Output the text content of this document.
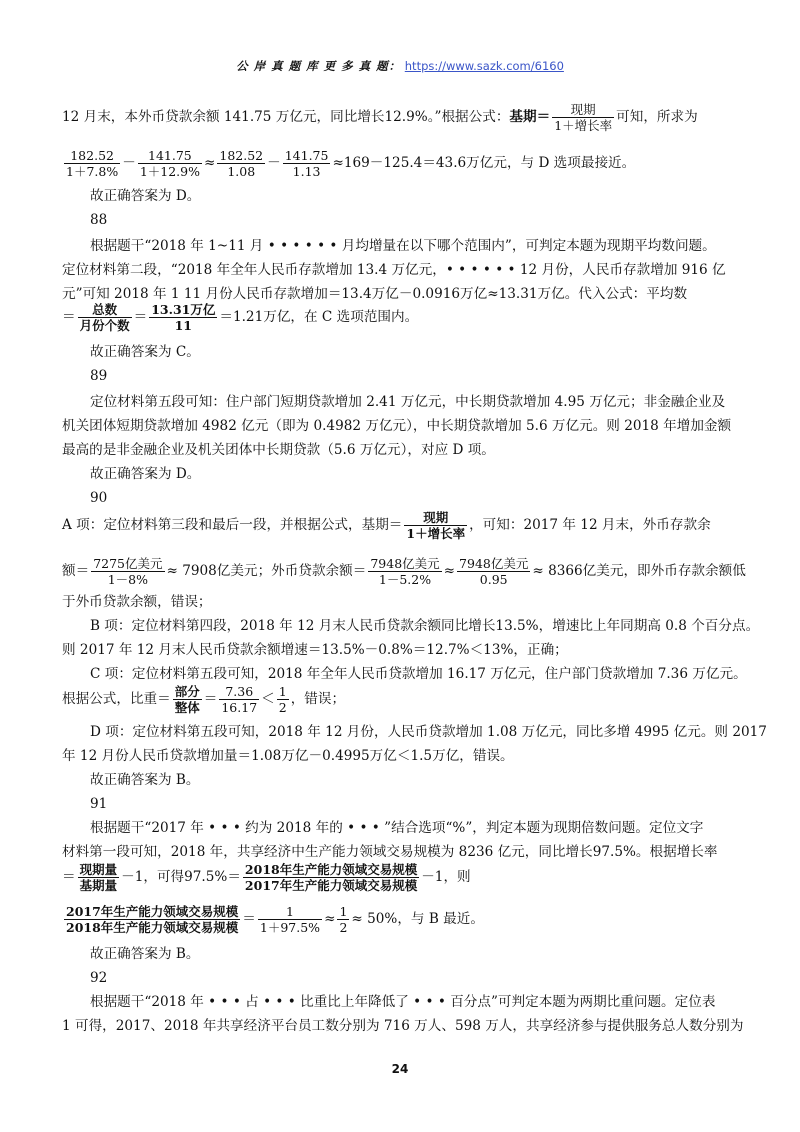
公 岸 真 题 库 更 多 真 题： https://www.sazk.com/6160
12 月末，本外币贷款余额 141.75 万亿元，同比增长12.9%。”根据公式：基期＝ $\frac{\text{现期}}{\text{1＋增长率}}$ 可知，所求为
$\frac{182.52}{1+7.8\%} - \frac{141.75}{1+12.9\%} \approx \frac{182.52}{1.08} - \frac{141.75}{1.13} \approx 169-125.4=43.6$万亿元，与 D 选项最接近。
故正确答案为 D。
88
根据题干“2018 年 1~11 月 • • • • • • 月均增量在以下哪个范围内”，可判定本题为现期平均数问题。
定位材料第二段，“2018 年全年人民币存款增加 13.4 万亿元，• • • • • • 12 月份，人民币存款增加 916 亿
元”可知 2018 年 1 11 月份人民币存款增加＝13.4万亿－0.0916万亿≈13.31万亿。代入公式：平均数
＝ $\frac{\text{总数}}{\text{月份个数}} = \frac{\text{13.31万亿}}{11} =1.21$万亿，在 C 选项范围内。
故正确答案为 C。
89
定位材料第五段可知：住户部门短期贷款增加 2.41 万亿元，中长期贷款增加 4.95 万亿元；非金融企业及
机关团体短期贷款增加 4982 亿元（即为 0.4982 万亿元），中长期贷款增加 5.6 万亿元。则 2018 年增加金额
最高的是非金融企业及机关团体中长期贷款（5.6 万亿元），对应 D 项。
故正确答案为 D。
90
A 项：定位材料第三段和最后一段，并根据公式，基期＝ $\frac{\text{现期}}{\text{1＋增长率}}$ ，可知：2017 年 12 月末，外币存款余
额＝ $\frac{\text{7275亿美元}}{1-8\%} \approx 7908$亿美元；外币贷款余额＝ $\frac{\text{7948亿美元}}{1-5.2\%} \approx \frac{\text{7948亿美元}}{0.95} \approx 8366$亿美元，即外币存款余额低
于外币贷款余额，错误；
B 项：定位材料第四段，2018 年 12 月末人民币贷款余额同比增长13.5%，增速比上年同期高 0.8 个百分点。
则 2017 年 12 月末人民币贷款余额增速＝13.5%－0.8%＝12.7%＜13%，正确；
C 项：定位材料第五段可知，2018 年全年人民币贷款增加 16.17 万亿元，住户部门贷款增加 7.36 万亿元。
根据公式，比重＝ $\frac{\text{部分}}{\text{整体}} = \frac{7.36}{16.17} < \frac{1}{2}$ ，错误；
D 项：定位材料第五段可知，2018 年 12 月份，人民币贷款增加 1.08 万亿元，同比多增 4995 亿元。则 2017
年 12 月份人民币贷款增加量＝1.08万亿－0.4995万亿＜1.5万亿，错误。
故正确答案为 B。
91
根据题干“2017 年 • • • 约为 2018 年的 • • • ”结合选项“%”，判定本题为现期倍数问题。定位文字
材料第一段可知，2018 年，共享经济中生产能力领域交易规模为 8236 亿元，同比增长97.5%。根据增长率
＝ $\frac{\text{现期量}}{\text{基期量}} -1$，可得$97.5\%= \frac{\text{2018年生产能力领域交易规模}}{\text{2017年生产能力领域交易规模}} -1$，则
$\frac{\text{2017年生产能力领域交易规模}}{\text{2018年生产能力领域交易规模}} = \frac{1}{1+97.5\%} \approx \frac{1}{2} \approx 50\%$，与 B 最近。
故正确答案为 B。
92
根据题干“2018 年 • • • 占 • • • 比重比上年降低了 • • • 百分点”可判定本题为两期比重问题。定位表
1 可得，2017、2018 年共享经济平台员工数分别为 716 万人、598 万人，共享经济参与提供服务总人数分别为
24
